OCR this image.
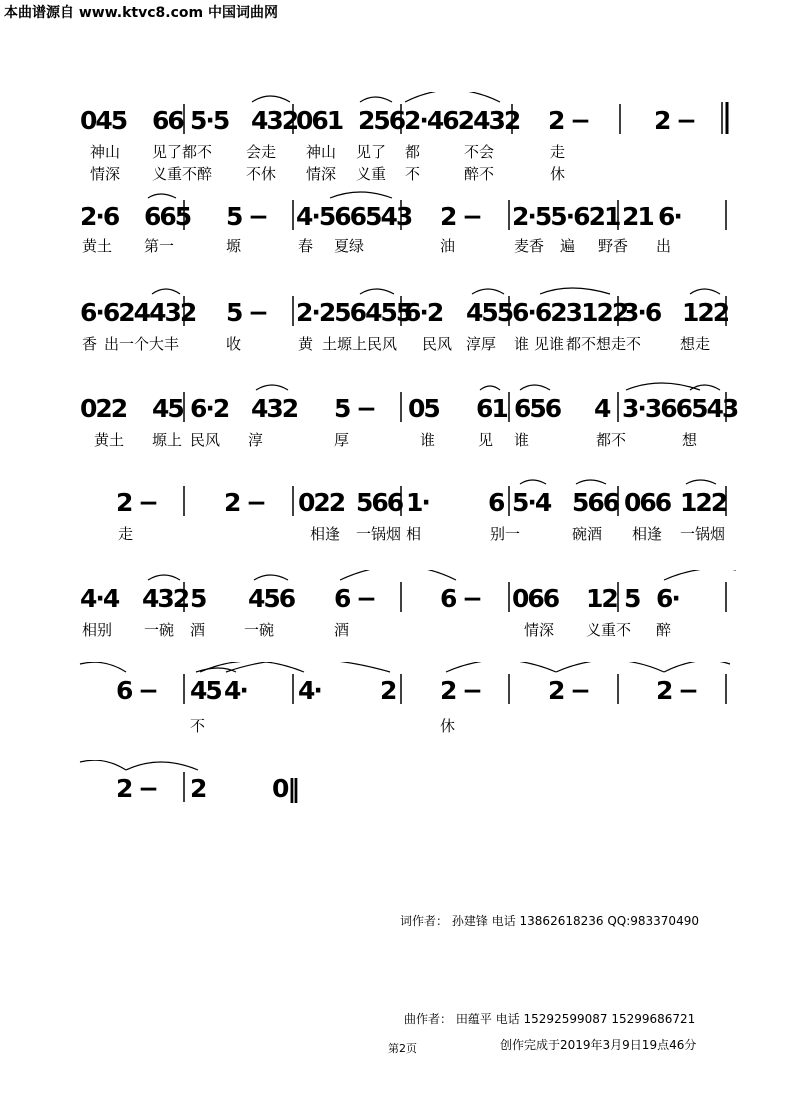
本曲谱源自 www.ktvc8.com 中国词曲网
045 66 5·5 432
061 256 2·462432 2 −	2 −
神山 见了都不 会走 神山 见了 都	不会	走
情深 义重不醉 不休 情深 义重 不	醉不	休
2·6 665 5 − 4·566543 2 − 2·55·621 21 6·
黄土 第一	塬	春 夏绿	油	麦香 遍 野香 出
6·624432 5 − 2·256455
6·2 455 6·623122
3·6 122
香 出一个大丰	收	黄 土塬上民风 民风 淳厚 谁 见谁 都不想走 不	想走
022 45 6·2 432 5 − 05 61 656 4 3·366543
黄土 塬上 民风 淳	厚	谁	见 谁	都不	想
2 −	2 − 022 566 1· 6 5·4 566 066 122
走	相逢 一锅烟 相	别一	碗酒 相逢 一锅烟
4·4 432 5 456 6 −	6 − 066 12 5 6·
相别 一碗 酒	一碗	酒	情深 义重不 醉
6 − 45 4· 4· 2 2 −	2 −	2 −
不	休
2 − 2	0‖
词作者： 孙建锋 电话 13862618236 QQ:983370490
曲作者： 田蕴平 电话 15292599087 15299686721
第2页	创作完成于2019年3月9日19点46分
